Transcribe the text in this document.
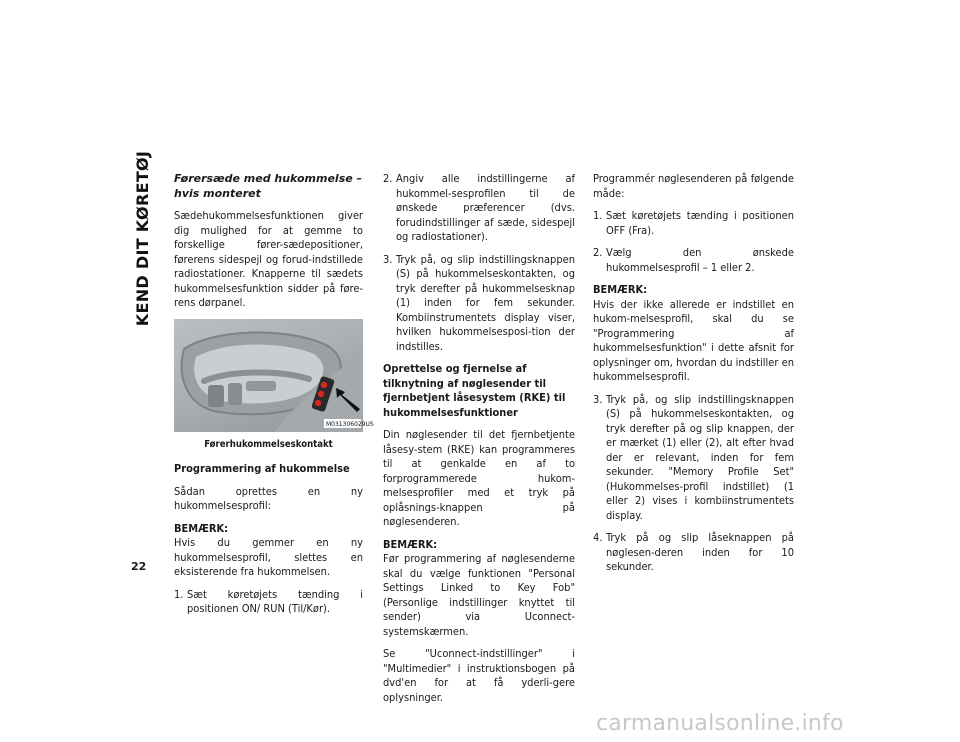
KEND DIT KØRETØJ
22
Førersæde med hukommelse – hvis monteret

Sædehukommelsesfunktionen giver dig mulighed for at gemme to forskellige fører-sædepositioner, førerens sidespejl og forud-indstillede radiostationer. Knapperne til sædets hukommelsesfunktion sidder på føre-rens dørpanel.

M031306029US
Førerhukommelseskontakt
Programmering af hukommelse

Sådan oprettes en ny hukommelsesprofil:

BEMÆRK:
Hvis du gemmer en ny hukommelsesprofil, slettes en eksisterende fra hukommelsen.

1. Sæt køretøjets tænding i positionen ON/ RUN (Til/Kør).
2. Angiv alle indstillingerne af hukommel-sesprofilen til de ønskede præferencer (dvs. forudindstillinger af sæde, sidespejl og radiostationer).
3. Tryk på, og slip indstillingsknappen (S) på hukommelseskontakten, og tryk derefter på hukommelsesknap (1) inden for fem sekunder. Kombiinstrumentets display viser, hvilken hukommelsesposi-tion der indstilles.
Oprettelse og fjernelse af tilknytning af nøglesender til fjernbetjent låsesystem (RKE) til hukommelsesfunktioner

Din nøglesender til det fjernbetjente låsesy-stem (RKE) kan programmeres til at genkalde en af to forprogrammerede hukom-melsesprofiler med et tryk på oplåsnings-knappen på nøglesenderen.

BEMÆRK:
Før programmering af nøglesenderne skal du vælge funktionen "Personal Settings Linked to Key Fob" (Personlige indstillinger knyttet til sender) via Uconnect-systemskærmen.

Se "Uconnect-indstillinger" i "Multimedier" i instruktionsbogen på dvd'en for at få yderli-gere oplysninger.

Programmér nøglesenderen på følgende måde:

1. Sæt køretøjets tænding i positionen OFF (Fra).
2. Vælg den ønskede hukommelsesprofil – 1 eller 2.

BEMÆRK:
Hvis der ikke allerede er indstillet en hukom-melsesprofil, skal du se "Programmering af hukommelsesfunktion" i dette afsnit for oplysninger om, hvordan du indstiller en hukommelsesprofil.

3. Tryk på, og slip indstillingsknappen (S) på hukommelseskontakten, og tryk derefter på og slip knappen, der er mærket (1) eller (2), alt efter hvad der er relevant, inden for fem sekunder. "Memory Profile Set" (Hukommelses-profil indstillet) (1 eller 2) vises i kombiinstrumentets display.
4. Tryk på og slip låseknappen på nøglesen-deren inden for 10 sekunder.
carmanualsonline.info
